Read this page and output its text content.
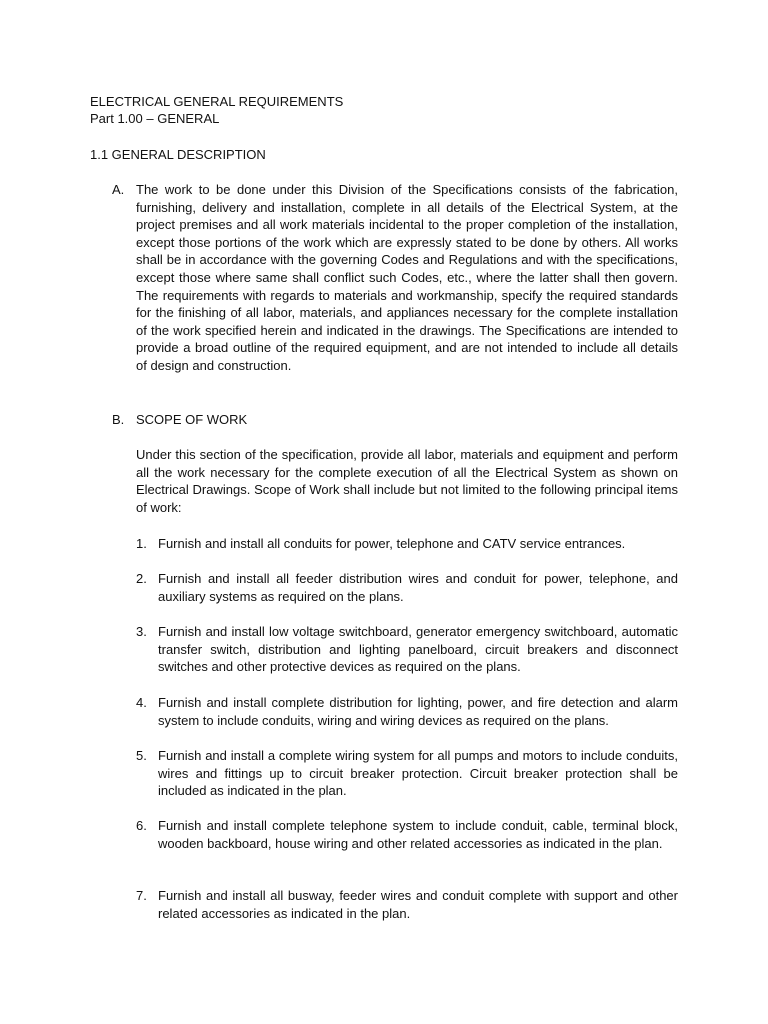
ELECTRICAL GENERAL REQUIREMENTS

Part 1.00 – GENERAL

1.1 GENERAL DESCRIPTION

A. The work to be done under this Division of the Specifications consists of the fabrication, furnishing, delivery and installation, complete in all details of the Electrical System, at the project premises and all work materials incidental to the proper completion of the installation, except those portions of the work which are expressly stated to be done by others. All works shall be in accordance with the governing Codes and Regulations and with the specifications, except those where same shall conflict such Codes, etc., where the latter shall then govern. The requirements with regards to materials and workmanship, specify the required standards for the finishing of all labor, materials, and appliances necessary for the complete installation of the work specified herein and indicated in the drawings. The Specifications are intended to provide a broad outline of the required equipment, and are not intended to include all details of design and construction.
B. SCOPE OF WORK

Under this section of the specification, provide all labor, materials and equipment and perform all the work necessary for the complete execution of all the Electrical System as shown on Electrical Drawings. Scope of Work shall include but not limited to the following principal items of work:

1. Furnish and install all conduits for power, telephone and CATV service entrances.
2. Furnish and install all feeder distribution wires and conduit for power, telephone, and auxiliary systems as required on the plans.
3. Furnish and install low voltage switchboard, generator emergency switchboard, automatic transfer switch, distribution and lighting panelboard, circuit breakers and disconnect switches and other protective devices as required on the plans.
4. Furnish and install complete distribution for lighting, power, and fire detection and alarm system to include conduits, wiring and wiring devices as required on the plans.
5. Furnish and install a complete wiring system for all pumps and motors to include conduits, wires and fittings up to circuit breaker protection. Circuit breaker protection shall be included as indicated in the plan.
6. Furnish and install complete telephone system to include conduit, cable, terminal block, wooden backboard, house wiring and other related accessories as indicated in the plan.
7. Furnish and install all busway, feeder wires and conduit complete with support and other related accessories as indicated in the plan.
